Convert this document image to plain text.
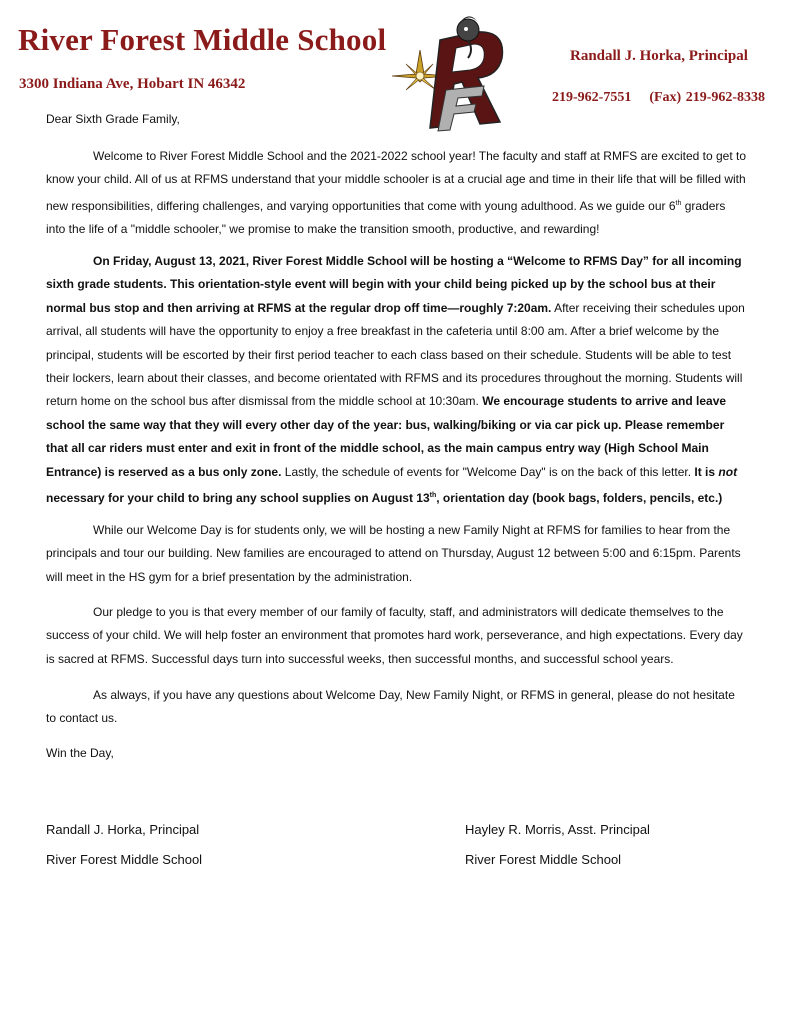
River Forest Middle School
3300 Indiana Ave, Hobart IN 46342
Randall J. Horka, Principal
219-962-7551 (Fax) 219-962-8338
Dear Sixth Grade Family,

Welcome to River Forest Middle School and the 2021-2022 school year! The faculty and staff at RMFS are excited to get to know your child. All of us at RFMS understand that your middle schooler is at a crucial age and time in their life that will be filled with new responsibilities, differing challenges, and varying opportunities that come with young adulthood. As we guide our 6th graders into the life of a "middle schooler," we promise to make the transition smooth, productive, and rewarding!

On Friday, August 13, 2021, River Forest Middle School will be hosting a “Welcome to RFMS Day” for all incoming sixth grade students. This orientation-style event will begin with your child being picked up by the school bus at their normal bus stop and then arriving at RFMS at the regular drop off time—roughly 7:20am. After receiving their schedules upon arrival, all students will have the opportunity to enjoy a free breakfast in the cafeteria until 8:00 am. After a brief welcome by the principal, students will be escorted by their first period teacher to each class based on their schedule. Students will be able to test their lockers, learn about their classes, and become orientated with RFMS and its procedures throughout the morning. Students will return home on the school bus after dismissal from the middle school at 10:30am. We encourage students to arrive and leave school the same way that they will every other day of the year: bus, walking/biking or via car pick up. Please remember that all car riders must enter and exit in front of the middle school, as the main campus entry way (High School Main Entrance) is reserved as a bus only zone. Lastly, the schedule of events for "Welcome Day" is on the back of this letter. It is not necessary for your child to bring any school supplies on August 13th, orientation day (book bags, folders, pencils, etc.)

While our Welcome Day is for students only, we will be hosting a new Family Night at RFMS for families to hear from the principals and tour our building. New families are encouraged to attend on Thursday, August 12 between 5:00 and 6:15pm. Parents will meet in the HS gym for a brief presentation by the administration.

Our pledge to you is that every member of our family of faculty, staff, and administrators will dedicate themselves to the success of your child. We will help foster an environment that promotes hard work, perseverance, and high expectations. Every day is sacred at RFMS. Successful days turn into successful weeks, then successful months, and successful school years.

As always, if you have any questions about Welcome Day, New Family Night, or RFMS in general, please do not hesitate to contact us.

Win the Day,
Randall J. Horka, Principal
River Forest Middle School
Hayley R. Morris, Asst. Principal
River Forest Middle School
